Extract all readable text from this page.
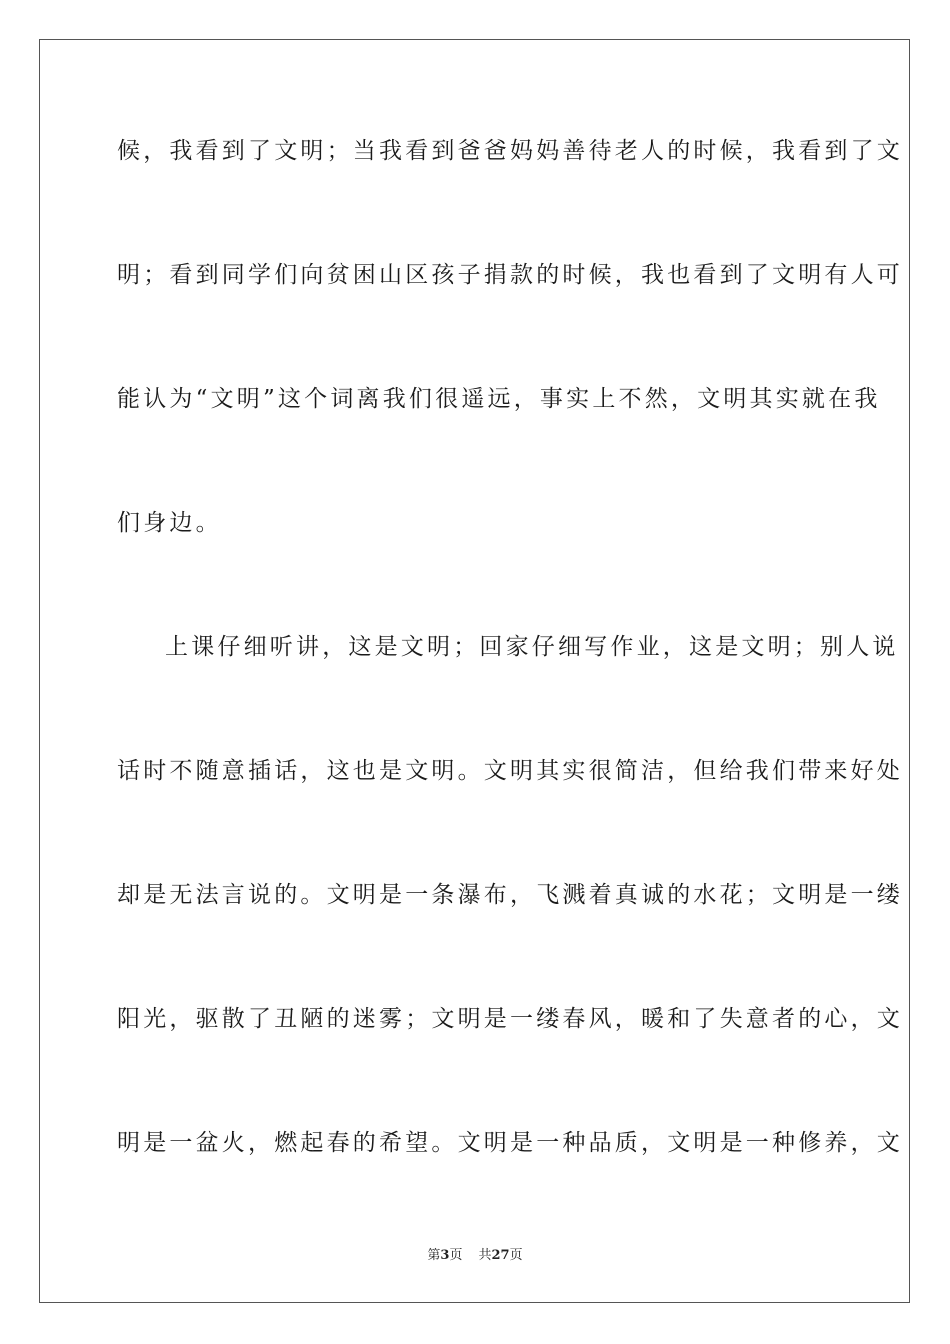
候，我看到了文明；当我看到爸爸妈妈善待老人的时候，我看到了文
明；看到同学们向贫困山区孩子捐款的时候，我也看到了文明有人可
能认为“文明”这个词离我们很遥远，事实上不然，文明其实就在我
们身边。
上课仔细听讲，这是文明；回家仔细写作业，这是文明；别人说
话时不随意插话，这也是文明。文明其实很简洁，但给我们带来好处
却是无法言说的。文明是一条瀑布，飞溅着真诚的水花；文明是一缕
阳光，驱散了丑陋的迷雾；文明是一缕春风，暖和了失意者的心，文
明是一盆火，燃起春的希望。文明是一种品质，文明是一种修养，文
第3页 共27页
